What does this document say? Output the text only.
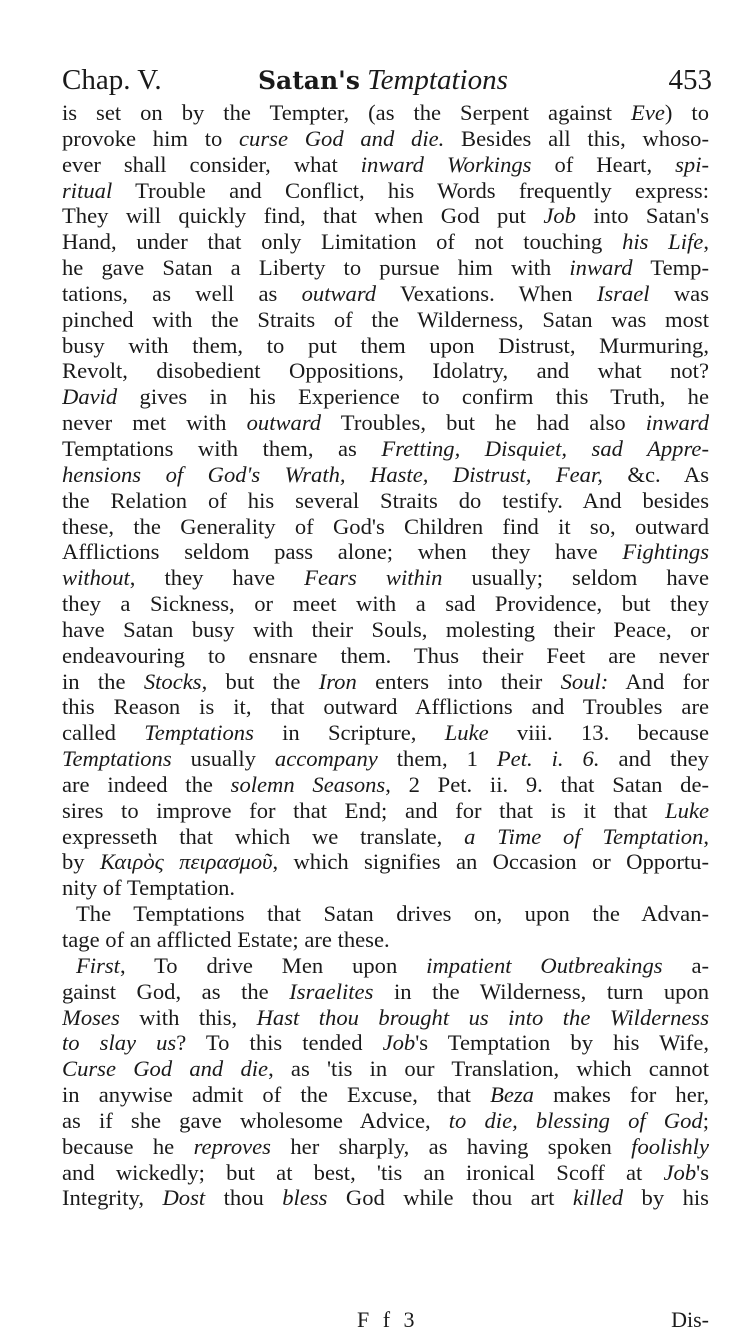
Chap. V.	Satan's Temptations	453
is set on by the Tempter, (as the Serpent against Eve) to
provoke him to curse God and die. Besides all this, whoso-
ever shall consider, what inward Workings of Heart, spi-
ritual Trouble and Conflict, his Words frequently express:
They will quickly find, that when God put Job into Satan's
Hand, under that only Limitation of not touching his Life,
he gave Satan a Liberty to pursue him with inward Temp-
tations, as well as outward Vexations. When Israel was
pinched with the Straits of the Wilderness, Satan was most
busy with them, to put them upon Distrust, Murmuring,
Revolt, disobedient Oppositions, Idolatry, and what not?
David gives in his Experience to confirm this Truth, he
never met with outward Troubles, but he had also inward
Temptations with them, as Fretting, Disquiet, sad Appre-
hensions of God's Wrath, Haste, Distrust, Fear, &c. As
the Relation of his several Straits do testify. And besides
these, the Generality of God's Children find it so, outward
Afflictions seldom pass alone; when they have Fightings
without, they have Fears within usually; seldom have
they a Sickness, or meet with a sad Providence, but they
have Satan busy with their Souls, molesting their Peace, or
endeavouring to ensnare them. Thus their Feet are never
in the Stocks, but the Iron enters into their Soul: And for
this Reason is it, that outward Afflictions and Troubles are
called Temptations in Scripture, Luke viii. 13. because
Temptations usually accompany them, 1 Pet. i. 6. and they
are indeed the solemn Seasons, 2 Pet. ii. 9. that Satan de-
sires to improve for that End; and for that is it that Luke
expresseth that which we translate, a Time of Temptation,
by Καιρὸς πειρασμοῦ, which signifies an Occasion or Opportu-
nity of Temptation.
The Temptations that Satan drives on, upon the Advan-
tage of an afflicted Estate; are these.
First, To drive Men upon impatient Outbreakings a-
gainst God, as the Israelites in the Wilderness, turn upon
Moses with this, Hast thou brought us into the Wilderness
to slay us? To this tended Job's Temptation by his Wife,
Curse God and die, as 'tis in our Translation, which cannot
in anywise admit of the Excuse, that Beza makes for her,
as if she gave wholesome Advice, to die, blessing of God;
because he reproves her sharply, as having spoken foolishly
and wickedly; but at best, 'tis an ironical Scoff at Job's
Integrity, Dost thou bless God while thou art killed by his
F f 3	Dis-
